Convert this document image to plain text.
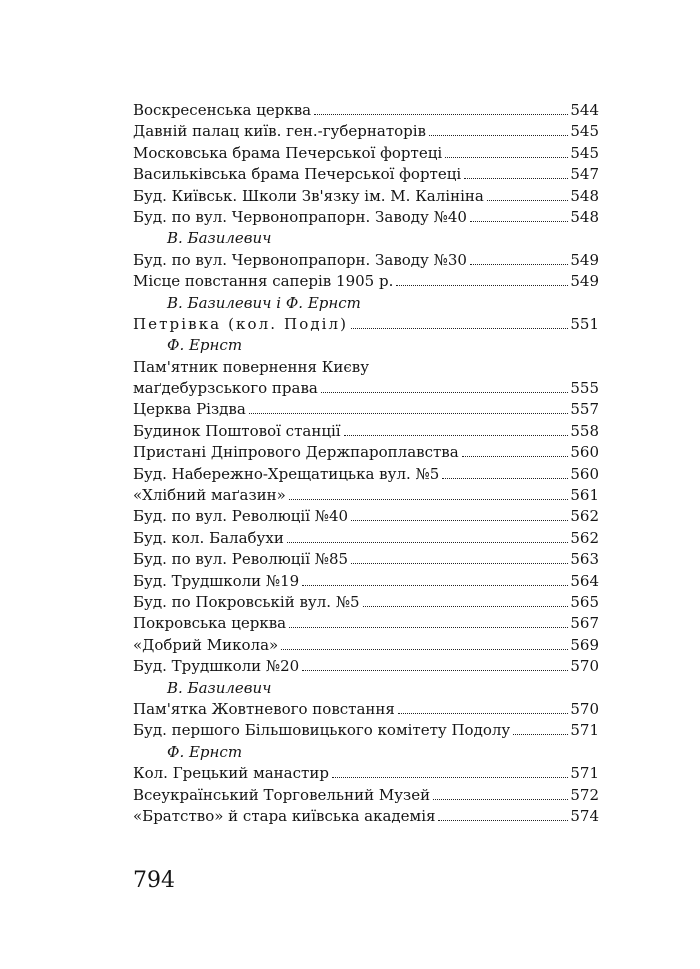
Воскресенська церква	544
Давній палац київ. ген.-губернаторів	545
Московська брама Печерської фортеці	545
Васильківська брама Печерської фортеці	547
Буд. Київськ. Школи Зв'язку ім. М. Калініна	548
Буд. по вул. Червонопрапорн. Заводу №40	548
В. Базилевич
Буд. по вул. Червонопрапорн. Заводу №30	549
Місце повстання саперів 1905 р.	549
В. Базилевич і Ф. Ернст
Петрівка (кол. Поділ)	551
Ф. Ернст
Пам'ятник повернення Києву
маґдебурзського права	555
Церква Різдва	557
Будинок Поштової станції	558
Пристані Дніпрового Держпароплавства	560
Буд. Набережно-Хрещатицька вул. №5	560
«Хлібний маґазин»	561
Буд. по вул. Революції №40	562
Буд. кол. Балабухи	562
Буд. по вул. Революції №85	563
Буд. Трудшколи №19	564
Буд. по Покровській вул. №5	565
Покровська церква	567
«Добрий Микола»	569
Буд. Трудшколи №20	570
В. Базилевич
Пам'ятка Жовтневого повстання	570
Буд. першого Більшовицького комітету Подолу	571
Ф. Ернст
Кол. Грецький манастир	571
Всеукраїнський Торговельний Музей	572
«Братство» й стара київська академія	574
794
